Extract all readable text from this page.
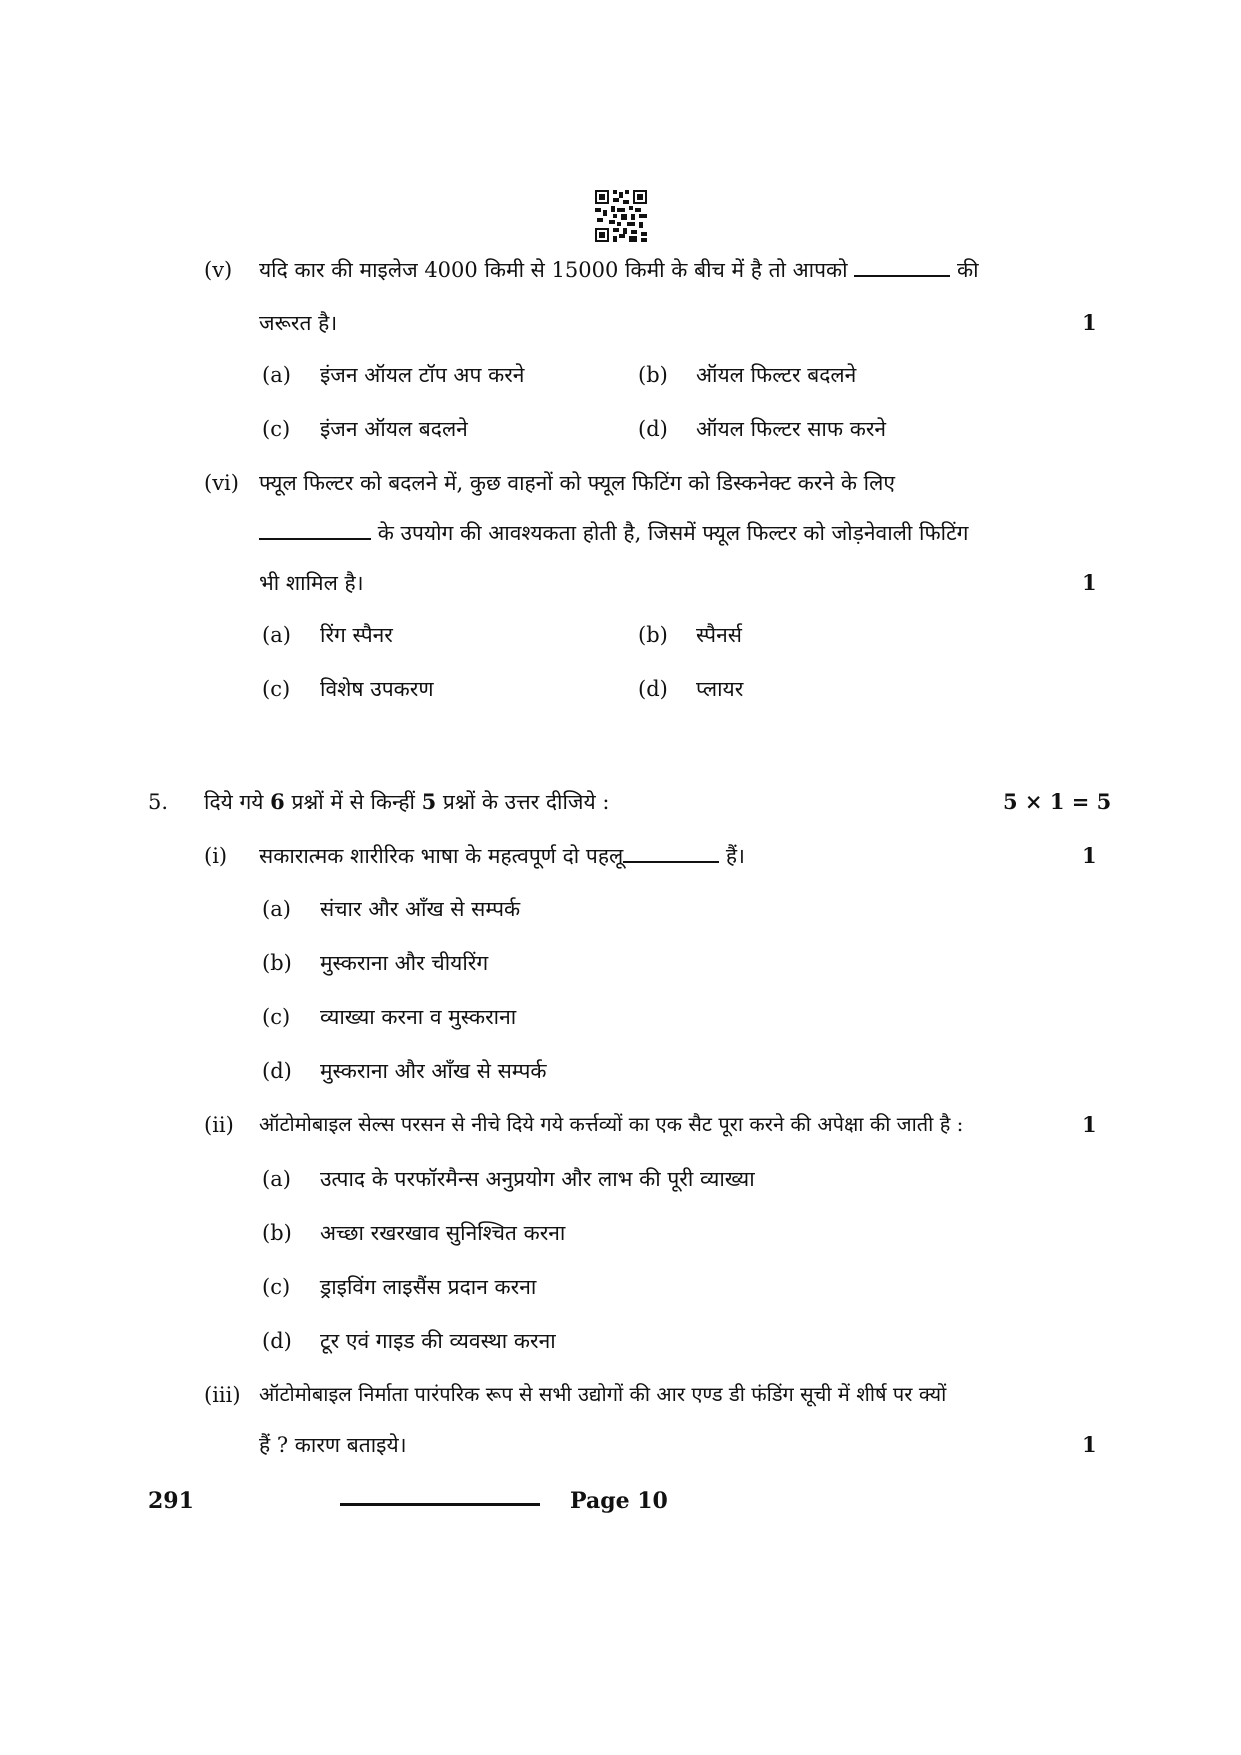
(v) यदि कार की माइलेज 4000 किमी से 15000 किमी के बीच में है तो आपको	की
जरूरत है।	1
(a) इंजन ऑयल टॉप अप करने	(b) ऑयल फिल्टर बदलने
(c) इंजन ऑयल बदलने	(d) ऑयल फिल्टर साफ करने
(vi) फ्यूल फिल्टर को बदलने में, कुछ वाहनों को फ्यूल फिटिंग को डिस्कनेक्ट करने के लिए
के उपयोग की आवश्यकता होती है, जिसमें फ्यूल फिल्टर को जोड़नेवाली फिटिंग
भी शामिल है।	1
(a) रिंग स्पैनर	(b) स्पैनर्स
(c) विशेष उपकरण	(d) प्लायर
5. दिये गये 6 प्रश्नों में से किन्हीं 5 प्रश्नों के उत्तर दीजिये :	5 × 1 = 5
(i) सकारात्मक शारीरिक भाषा के महत्वपूर्ण दो पहलू	हैं।	1
(a) संचार और आँख से सम्पर्क
(b) मुस्कराना और चीयरिंग
(c) व्याख्या करना व मुस्कराना
(d) मुस्कराना और आँख से सम्पर्क
(ii) ऑटोमोबाइल सेल्स परसन से नीचे दिये गये कर्त्तव्यों का एक सैट पूरा करने की अपेक्षा की जाती है :	1
(a) उत्पाद के परफॉरमैन्स अनुप्रयोग और लाभ की पूरी व्याख्या
(b) अच्छा रखरखाव सुनिश्चित करना
(c) ड्राइविंग लाइसैंस प्रदान करना
(d) टूर एवं गाइड की व्यवस्था करना
(iii) ऑटोमोबाइल निर्माता पारंपरिक रूप से सभी उद्योगों की आर एण्ड डी फंडिंग सूची में शीर्ष पर क्यों
हैं ? कारण बताइये।	1
291	Page 10
